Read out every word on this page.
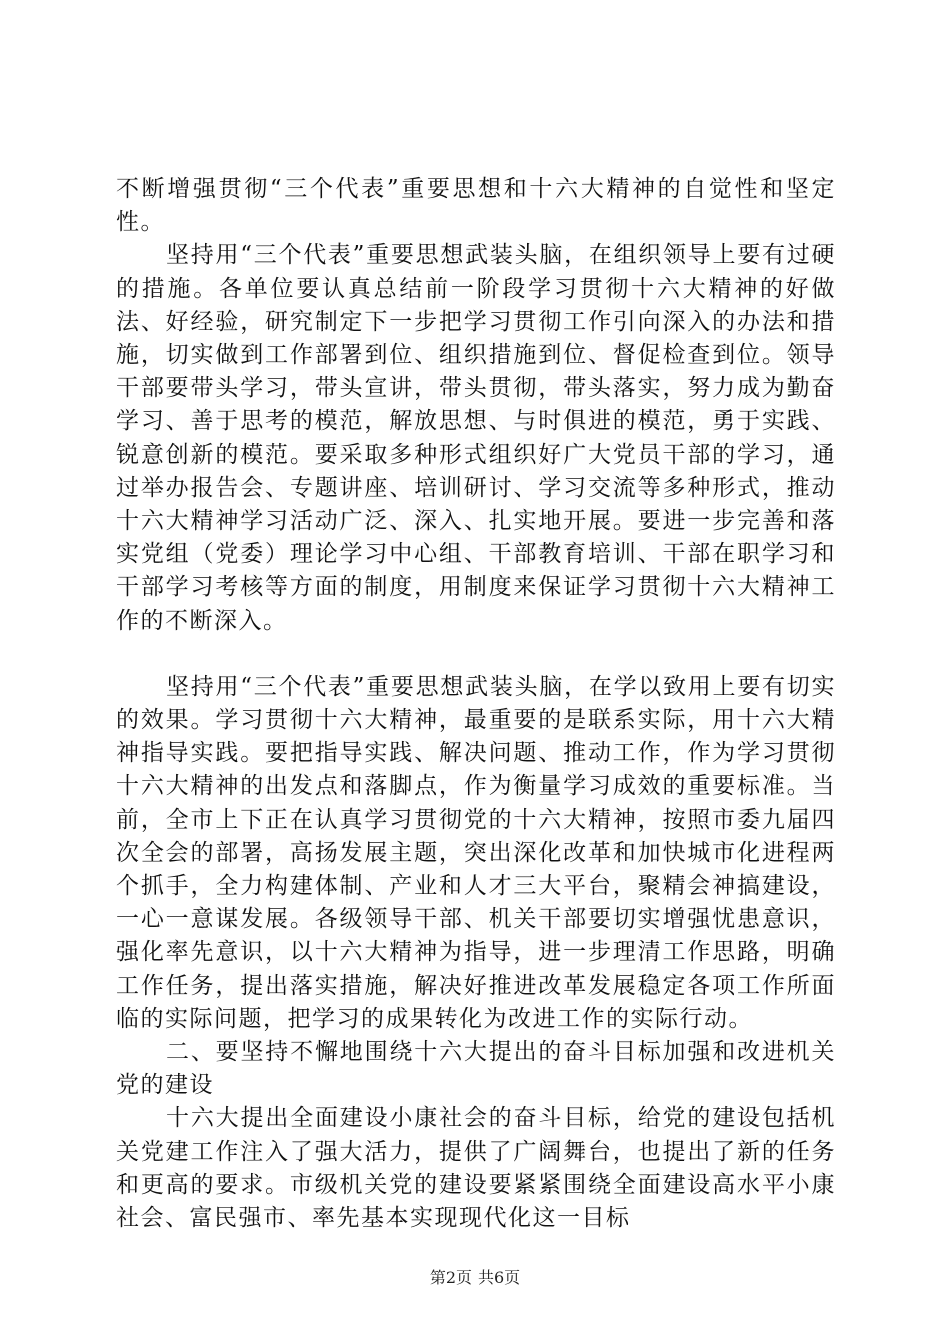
不断增强贯彻“三个代表”重要思想和十六大精神的自觉性和坚定性。

坚持用“三个代表”重要思想武装头脑，在组织领导上要有过硬的措施。各单位要认真总结前一阶段学习贯彻十六大精神的好做法、好经验，研究制定下一步把学习贯彻工作引向深入的办法和措施，切实做到工作部署到位、组织措施到位、督促检查到位。领导干部要带头学习，带头宣讲，带头贯彻，带头落实，努力成为勤奋学习、善于思考的模范，解放思想、与时俱进的模范，勇于实践、锐意创新的模范。要采取多种形式组织好广大党员干部的学习，通过举办报告会、专题讲座、培训研讨、学习交流等多种形式，推动十六大精神学习活动广泛、深入、扎实地开展。要进一步完善和落实党组（党委）理论学习中心组、干部教育培训、干部在职学习和干部学习考核等方面的制度，用制度来保证学习贯彻十六大精神工作的不断深入。

坚持用“三个代表”重要思想武装头脑，在学以致用上要有切实的效果。学习贯彻十六大精神，最重要的是联系实际，用十六大精神指导实践。要把指导实践、解决问题、推动工作，作为学习贯彻十六大精神的出发点和落脚点，作为衡量学习成效的重要标准。当前，全市上下正在认真学习贯彻党的十六大精神，按照市委九届四次全会的部署，高扬发展主题，突出深化改革和加快城市化进程两个抓手，全力构建体制、产业和人才三大平台，聚精会神搞建设，一心一意谋发展。各级领导干部、机关干部要切实增强忧患意识，强化率先意识，以十六大精神为指导，进一步理清工作思路，明确工作任务，提出落实措施，解决好推进改革发展稳定各项工作所面临的实际问题，把学习的成果转化为改进工作的实际行动。

二、要坚持不懈地围绕十六大提出的奋斗目标加强和改进机关党的建设

十六大提出全面建设小康社会的奋斗目标，给党的建设包括机关党建工作注入了强大活力，提供了广阔舞台，也提出了新的任务和更高的要求。市级机关党的建设要紧紧围绕全面建设高水平小康社会、富民强市、率先基本实现现代化这一目标

第2页 共6页
